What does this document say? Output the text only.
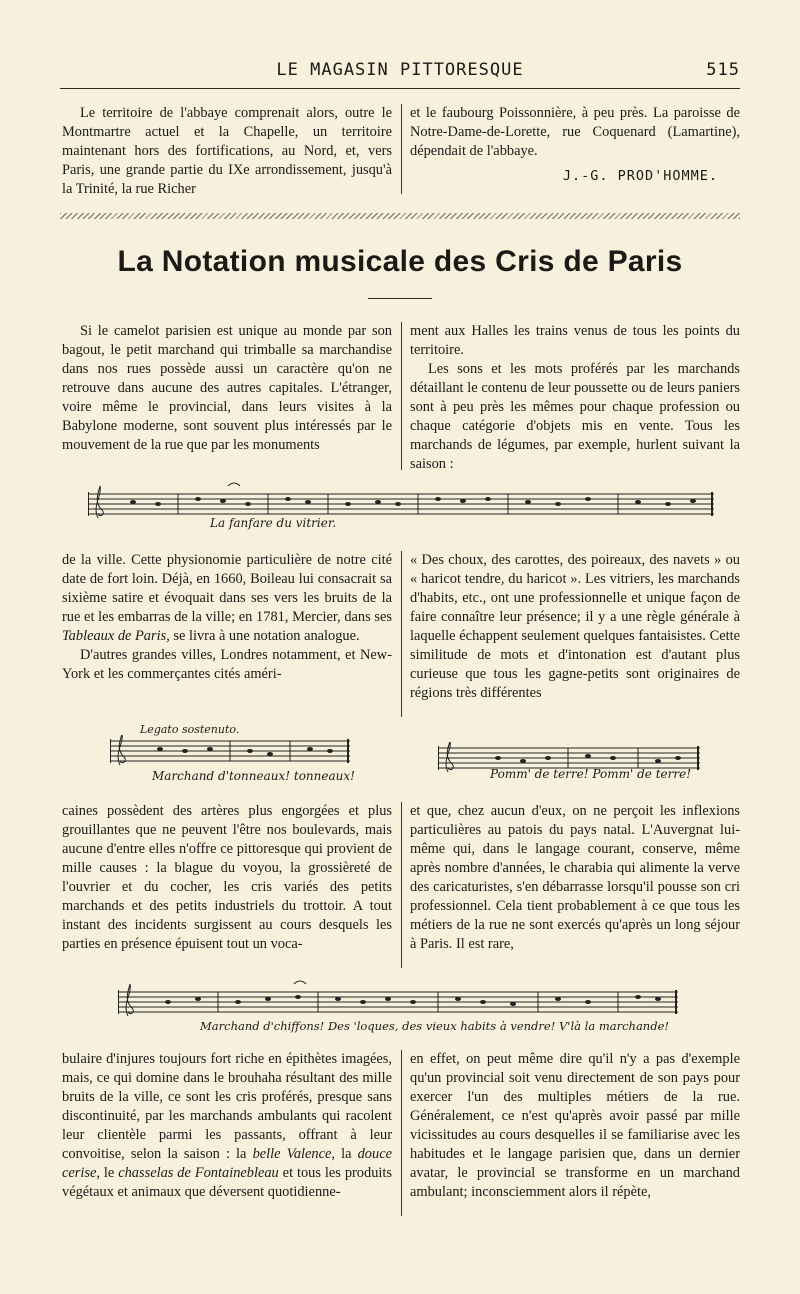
LE MAGASIN PITTORESQUE	515

Le territoire de l'abbaye comprenait alors, outre le Montmartre actuel et la Chapelle, un territoire maintenant hors des fortifications, au Nord, et, vers Paris, une grande partie du IXe arrondissement, jusqu'à la Trinité, la rue Richer

et le faubourg Poissonnière, à peu près. La paroisse de Notre-Dame-de-Lorette, rue Coquenard (Lamartine), dépendait de l'abbaye.

J.-G. PROD'HOMME.
La Notation musicale des Cris de Paris

Si le camelot parisien est unique au monde par son bagout, le petit marchand qui trimballe sa marchandise dans nos rues possède aussi un caractère qu'on ne retrouve dans aucune des autres capitales. L'étranger, voire même le provincial, dans leurs visites à la Babylone moderne, sont souvent plus intéressés par le mouvement de la rue que par les monuments

ment aux Halles les trains venus de tous les points du territoire.

Les sons et les mots proférés par les marchands détaillant le contenu de leur poussette ou de leurs paniers sont à peu près les mêmes pour chaque profession ou chaque catégorie d'objets mis en vente. Tous les marchands de légumes, par exemple, hurlent suivant la saison :

La fanfare du vitrier.

de la ville. Cette physionomie particulière de notre cité date de fort loin. Déjà, en 1660, Boileau lui consacrait sa sixième satire et évoquait dans ses vers les bruits de la rue et les embarras de la ville; en 1781, Mercier, dans ses Tableaux de Paris, se livra à une notation analogue.

D'autres grandes villes, Londres notamment, et New-York et les commerçantes cités améri-

« Des choux, des carottes, des poireaux, des navets » ou « haricot tendre, du haricot ». Les vitriers, les marchands d'habits, etc., ont une professionnelle et unique façon de faire connaître leur présence; il y a une règle générale à laquelle échappent seulement quelques fantaisistes. Cette similitude de mots et d'intonation est d'autant plus curieuse que tous les gagne-petits sont originaires de régions très différentes

Legato sostenuto.
Marchand d'tonneaux! tonneaux!	Pomm' de terre! Pomm' de terre!

caines possèdent des artères plus engorgées et plus grouillantes que ne peuvent l'être nos boulevards, mais aucune d'entre elles n'offre ce pittoresque qui provient de mille causes : la blague du voyou, la grossièreté de l'ouvrier et du cocher, les cris variés des petits marchands et des petits industriels du trottoir. A tout instant des incidents surgissent au cours desquels les parties en présence épuisent tout un voca-

et que, chez aucun d'eux, on ne perçoit les inflexions particulières au patois du pays natal. L'Auvergnat lui-même qui, dans le langage courant, conserve, même après nombre d'années, le charabia qui alimente la verve des caricaturistes, s'en débarrasse lorsqu'il pousse son cri professionnel. Cela tient probablement à ce que tous les métiers de la rue ne sont exercés qu'après un long séjour à Paris. Il est rare,

Marchand d'chiffons! Des 'loques, des vieux habits à vendre! V'là la marchande!

bulaire d'injures toujours fort riche en épithètes imagées, mais, ce qui domine dans le brouhaha résultant des mille bruits de la ville, ce sont les cris proférés, presque sans discontinuité, par les marchands ambulants qui racolent leur clientèle parmi les passants, offrant à leur convoitise, selon la saison : la belle Valence, la douce cerise, le chasselas de Fontainebleau et tous les produits végétaux et animaux que déversent quotidienne-

en effet, on peut même dire qu'il n'y a pas d'exemple qu'un provincial soit venu directement de son pays pour exercer l'un des multiples métiers de la rue. Généralement, ce n'est qu'après avoir passé par mille vicissitudes au cours desquelles il se familiarise avec les habitudes et le langage parisien que, dans un dernier avatar, le provincial se transforme en un marchand ambulant; inconsciemment alors il répète,
